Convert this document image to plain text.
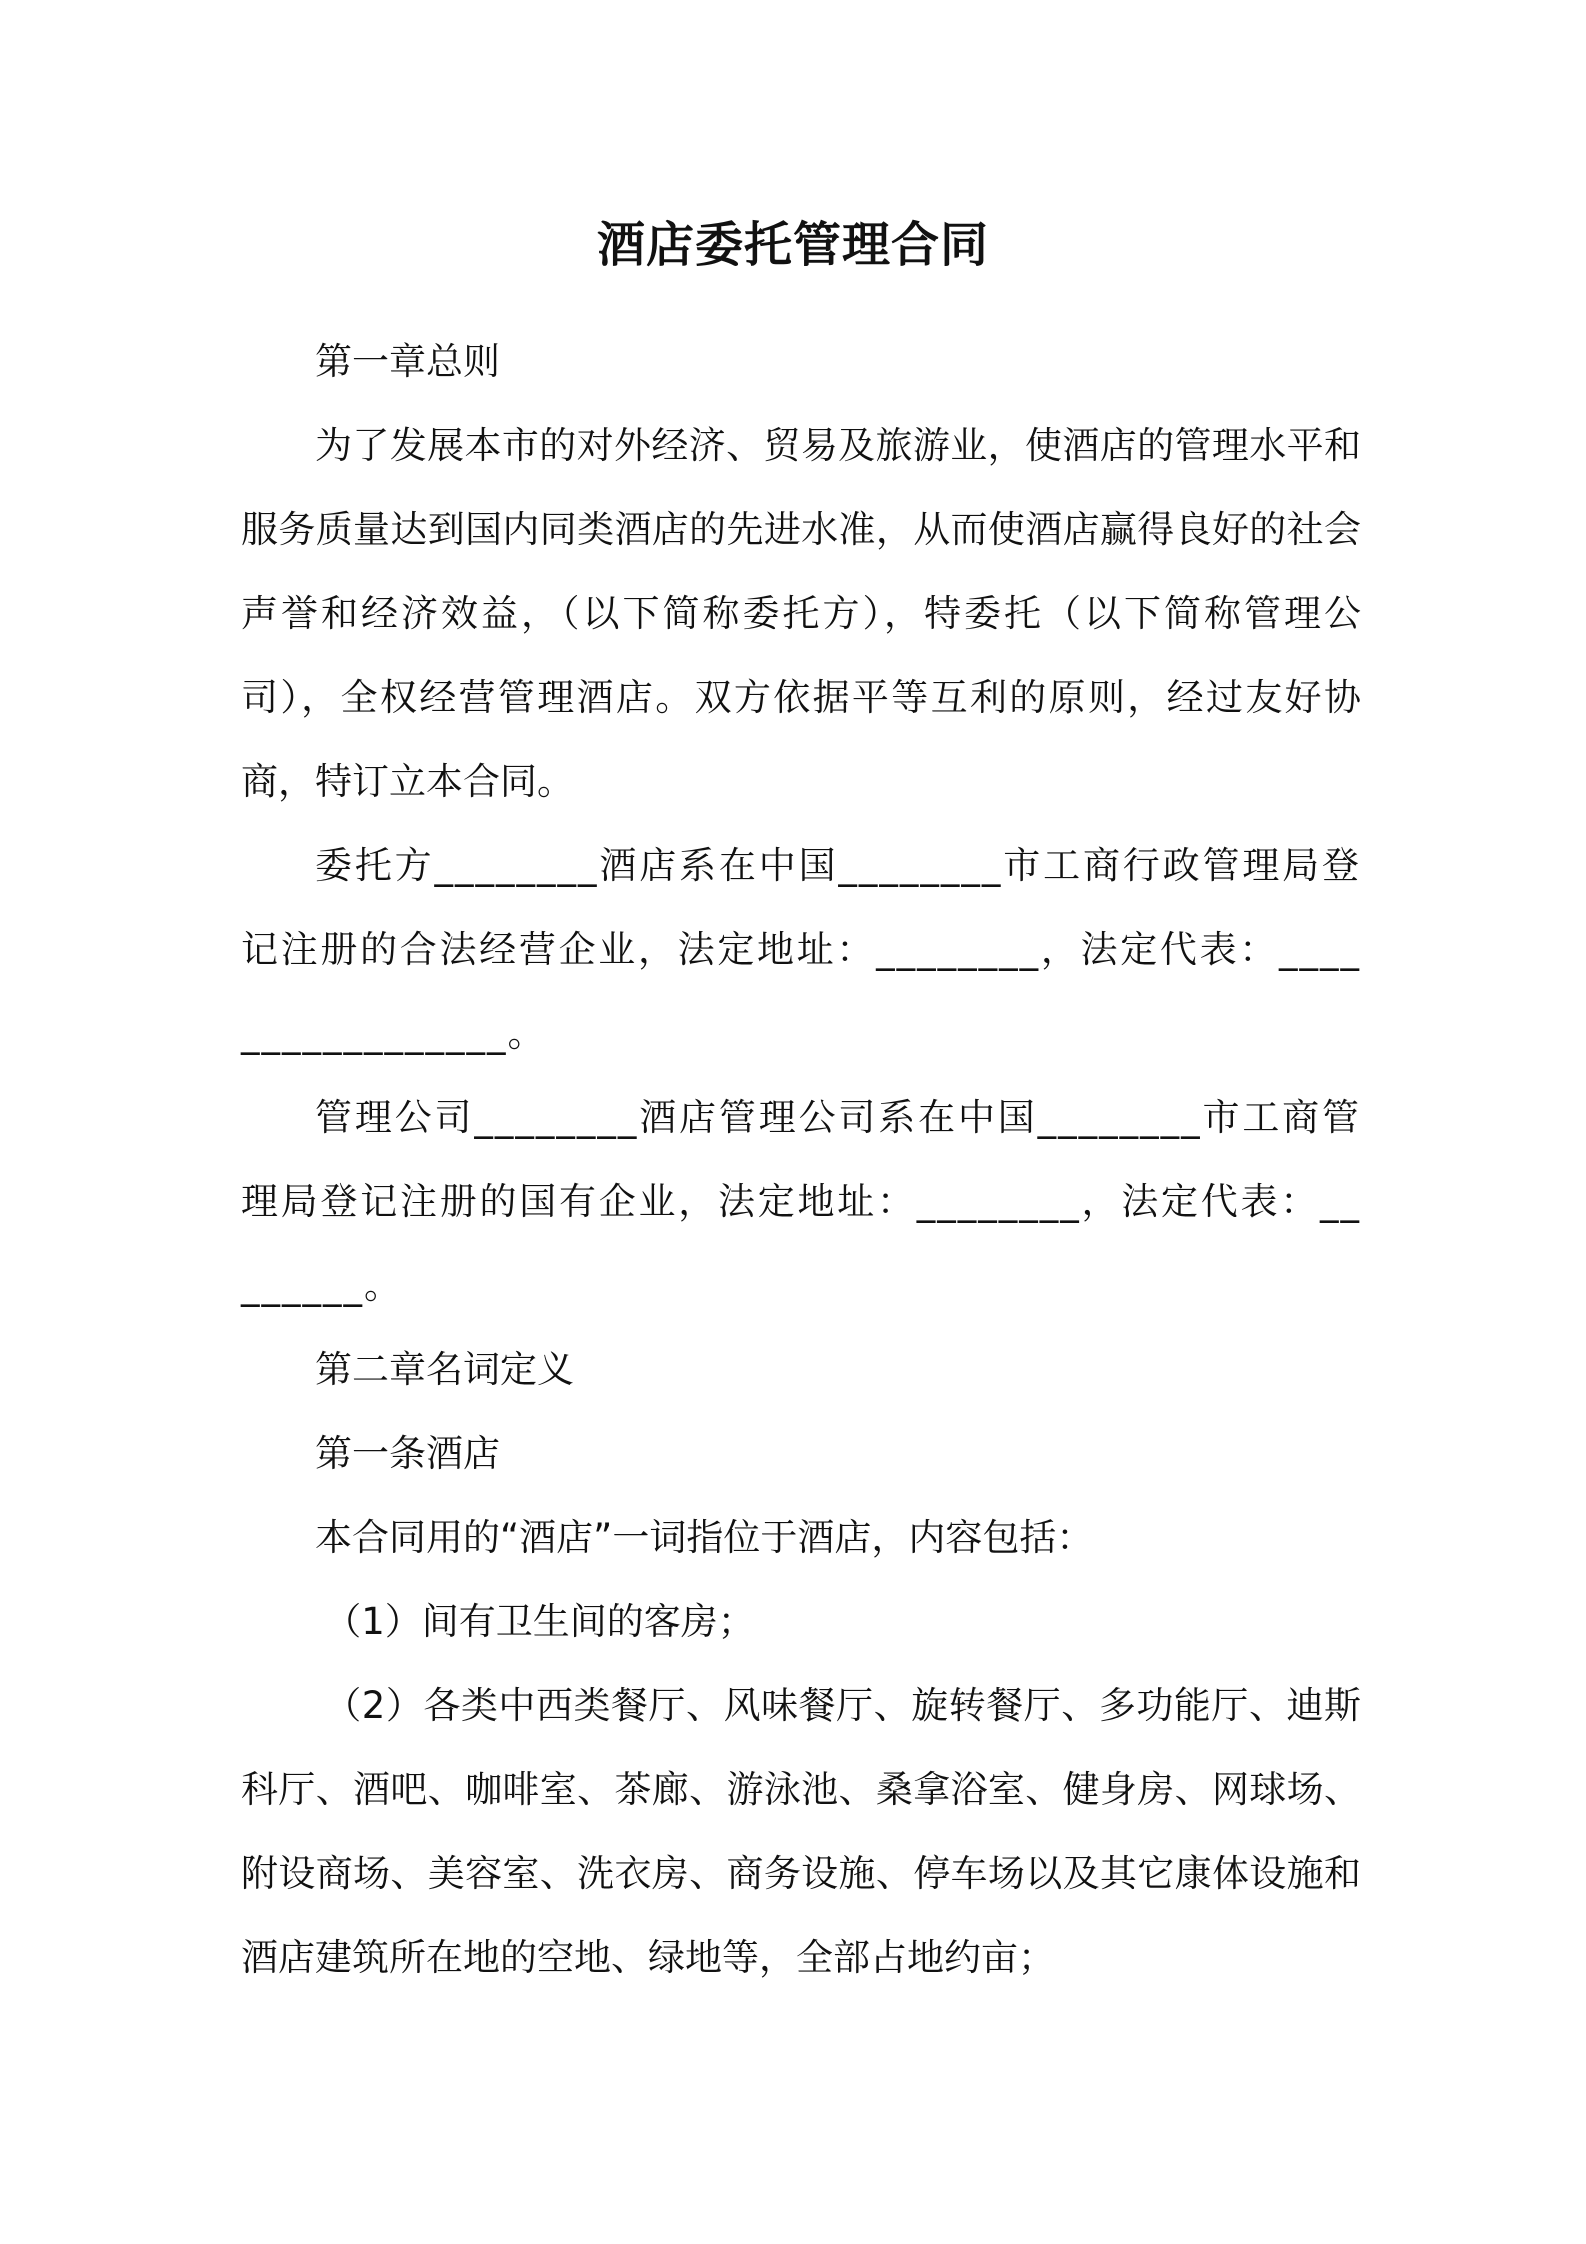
酒店委托管理合同

第一章总则

为了发展本市的对外经济、贸易及旅游业，使酒店的管理水平和服务质量达到国内同类酒店的先进水准，从而使酒店赢得良好的社会声誉和经济效益，（以下简称委托方），特委托（以下简称管理公司），全权经营管理酒店。双方依据平等互利的原则，经过友好协商，特订立本合同。

委托方________酒店系在中国________市工商行政管理局登记注册的合法经营企业，法定地址：________，法定代表：_________________。

管理公司________酒店管理公司系在中国________市工商管理局登记注册的国有企业，法定地址：________，法定代表：________。

第二章名词定义

第一条酒店

本合同用的“酒店”一词指位于酒店，内容包括：

（1）间有卫生间的客房；

（2）各类中西类餐厅、风味餐厅、旋转餐厅、多功能厅、迪斯科厅、酒吧、咖啡室、茶廊、游泳池、桑拿浴室、健身房、网球场、附设商场、美容室、洗衣房、商务设施、停车场以及其它康体设施和酒店建筑所在地的空地、绿地等，全部占地约亩；
